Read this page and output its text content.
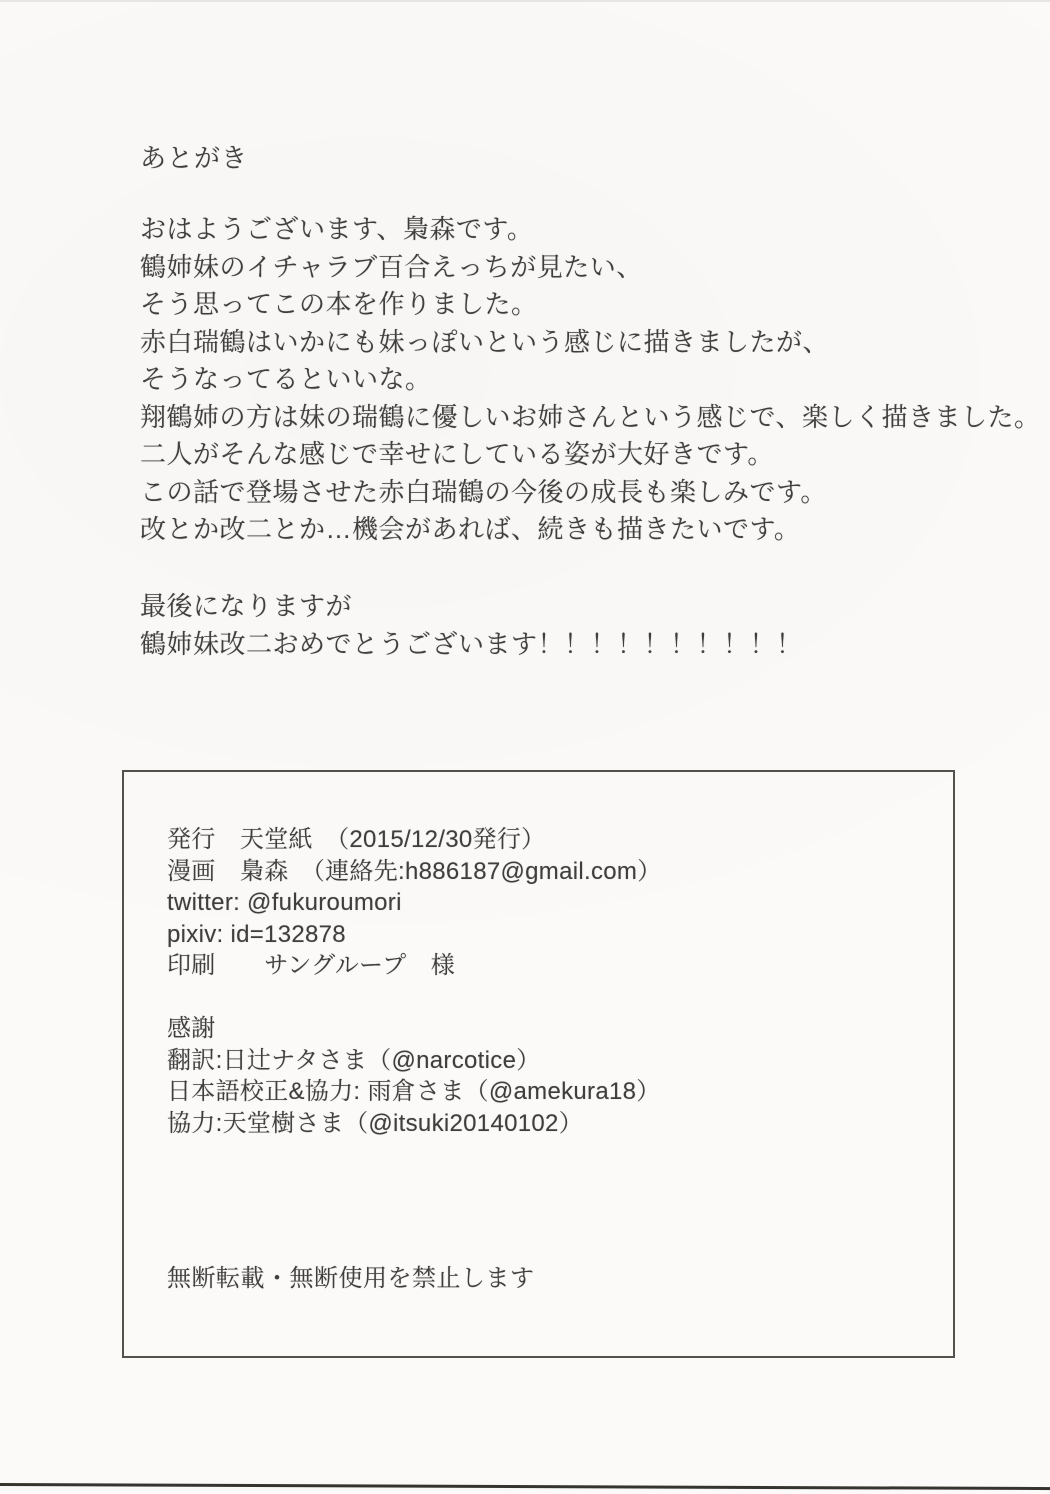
あとがき
おはようございます、梟森です。
鶴姉妹のイチャラブ百合えっちが見たい、
そう思ってこの本を作りました。
赤白瑞鶴はいかにも妹っぽいという感じに描きましたが、
そうなってるといいな。
翔鶴姉の方は妹の瑞鶴に優しいお姉さんという感じで、楽しく描きました。
二人がそんな感じで幸せにしている姿が大好きです。
この話で登場させた赤白瑞鶴の今後の成長も楽しみです。
改とか改二とか…機会があれば、続きも描きたいです。
最後になりますが
鶴姉妹改二おめでとうございます！！！！！！！！！！
発行　天堂紙　（2015/12/30発行）
漫画　梟森　（連絡先:h886187@gmail.com）
twitter: @fukuroumori
pixiv: id=132878
印刷　　サングループ　様
感謝
翻訳:日辻ナタさま（@narcotice）
日本語校正&協力: 雨倉さま（@amekura18）
協力:天堂樹さま（@itsuki20140102）
無断転載・無断使用を禁止します
